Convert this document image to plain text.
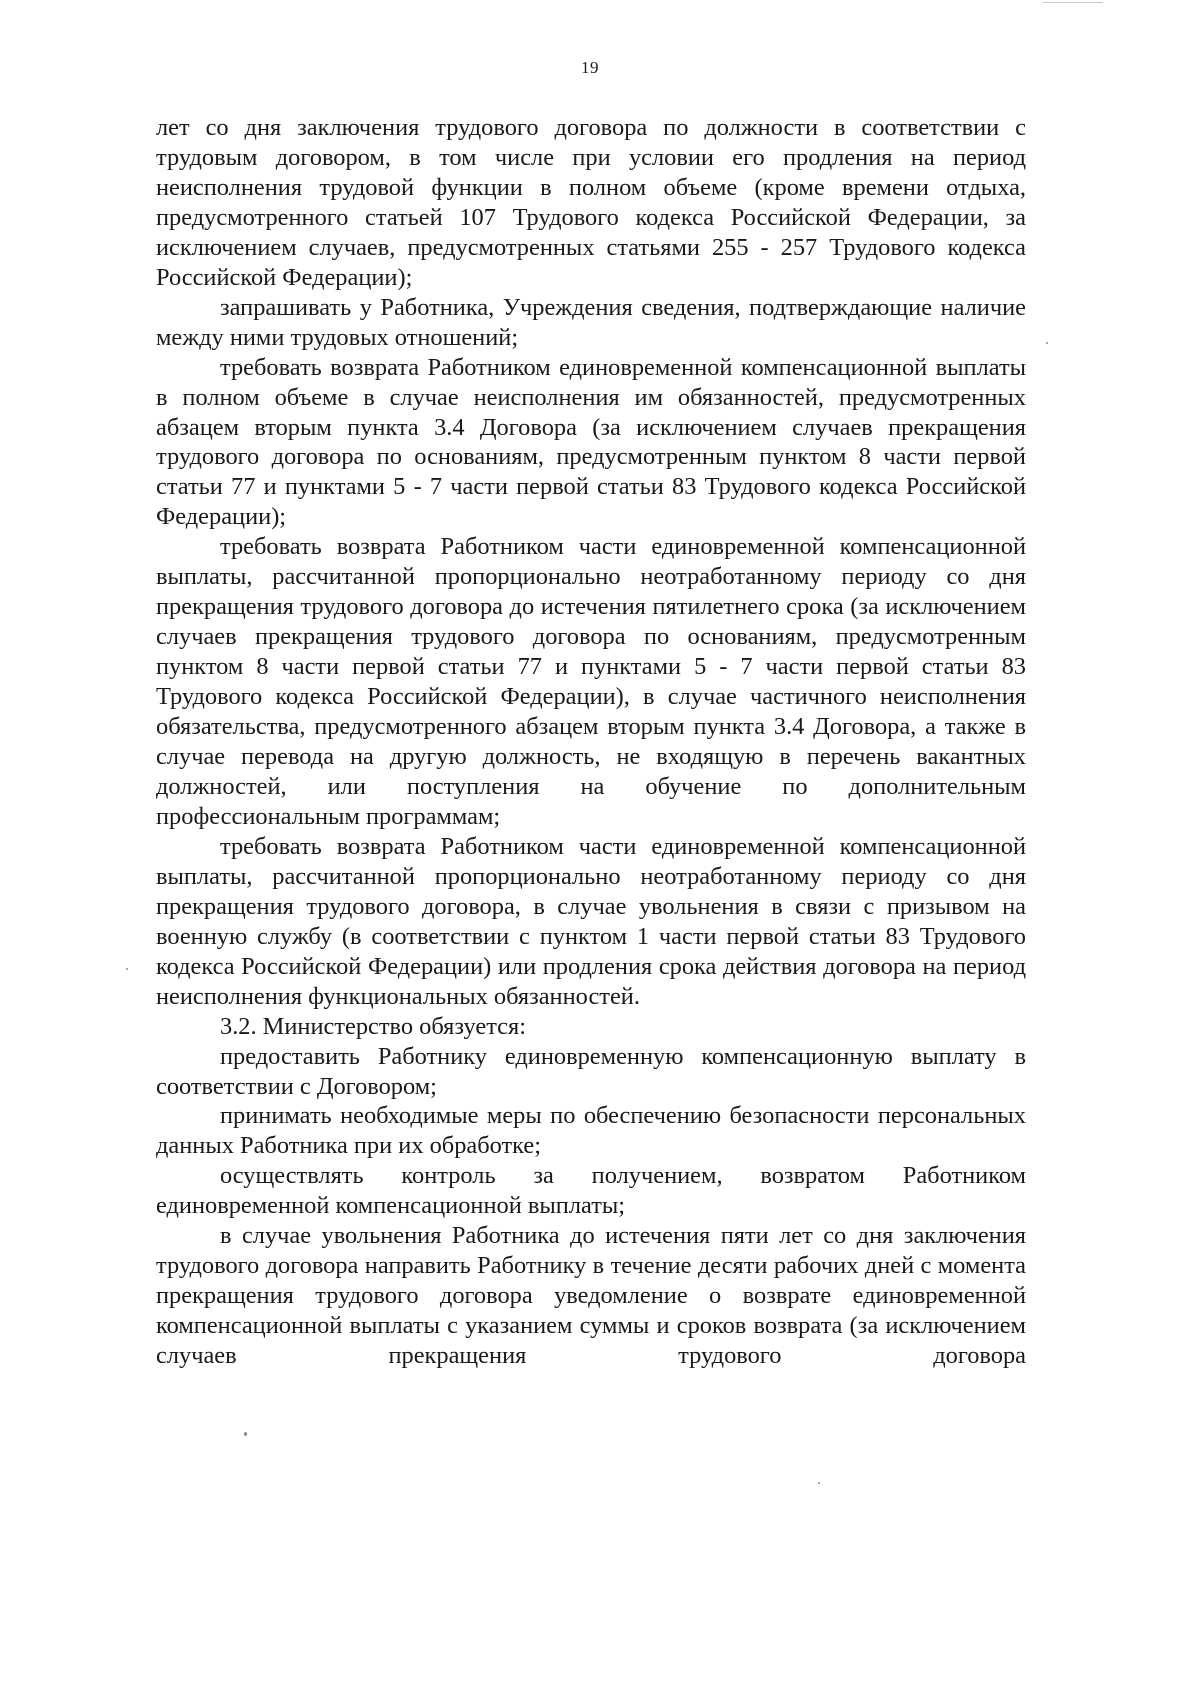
19

лет со дня заключения трудового договора по должности в соответствии с трудовым договором, в том числе при условии его продления на период неисполнения трудовой функции в полном объеме (кроме времени отдыха, предусмотренного статьей 107 Трудового кодекса Российской Федерации, за исключением случаев, предусмотренных статьями 255 - 257 Трудового кодекса Российской Федерации);

запрашивать у Работника, Учреждения сведения, подтверждающие наличие между ними трудовых отношений;

требовать возврата Работником единовременной компенсационной выплаты в полном объеме в случае неисполнения им обязанностей, предусмотренных абзацем вторым пункта 3.4 Договора (за исключением случаев прекращения трудового договора по основаниям, предусмотренным пунктом 8 части первой статьи 77 и пунктами 5 - 7 части первой статьи 83 Трудового кодекса Российской Федерации);

требовать возврата Работником части единовременной компенсационной выплаты, рассчитанной пропорционально неотработанному периоду со дня прекращения трудового договора до истечения пятилетнего срока (за исключением случаев прекращения трудового договора по основаниям, предусмотренным пунктом 8 части первой статьи 77 и пунктами 5 - 7 части первой статьи 83 Трудового кодекса Российской Федерации), в случае частичного неисполнения обязательства, предусмотренного абзацем вторым пункта 3.4 Договора, а также в случае перевода на другую должность, не входящую в перечень вакантных должностей, или поступления на обучение по дополнительным профессиональным программам;

требовать возврата Работником части единовременной компенсационной выплаты, рассчитанной пропорционально неотработанному периоду со дня прекращения трудового договора, в случае увольнения в связи с призывом на военную службу (в соответствии с пунктом 1 части первой статьи 83 Трудового кодекса Российской Федерации) или продления срока действия договора на период неисполнения функциональных обязанностей.

3.2. Министерство обязуется:

предоставить Работнику единовременную компенсационную выплату в соответствии с Договором;

принимать необходимые меры по обеспечению безопасности персональных данных Работника при их обработке;

осуществлять контроль за получением, возвратом Работником единовременной компенсационной выплаты;

в случае увольнения Работника до истечения пяти лет со дня заключения трудового договора направить Работнику в течение десяти рабочих дней с момента прекращения трудового договора уведомление о возврате единовременной компенсационной выплаты с указанием суммы и сроков возврата (за исключением случаев прекращения трудового договора
